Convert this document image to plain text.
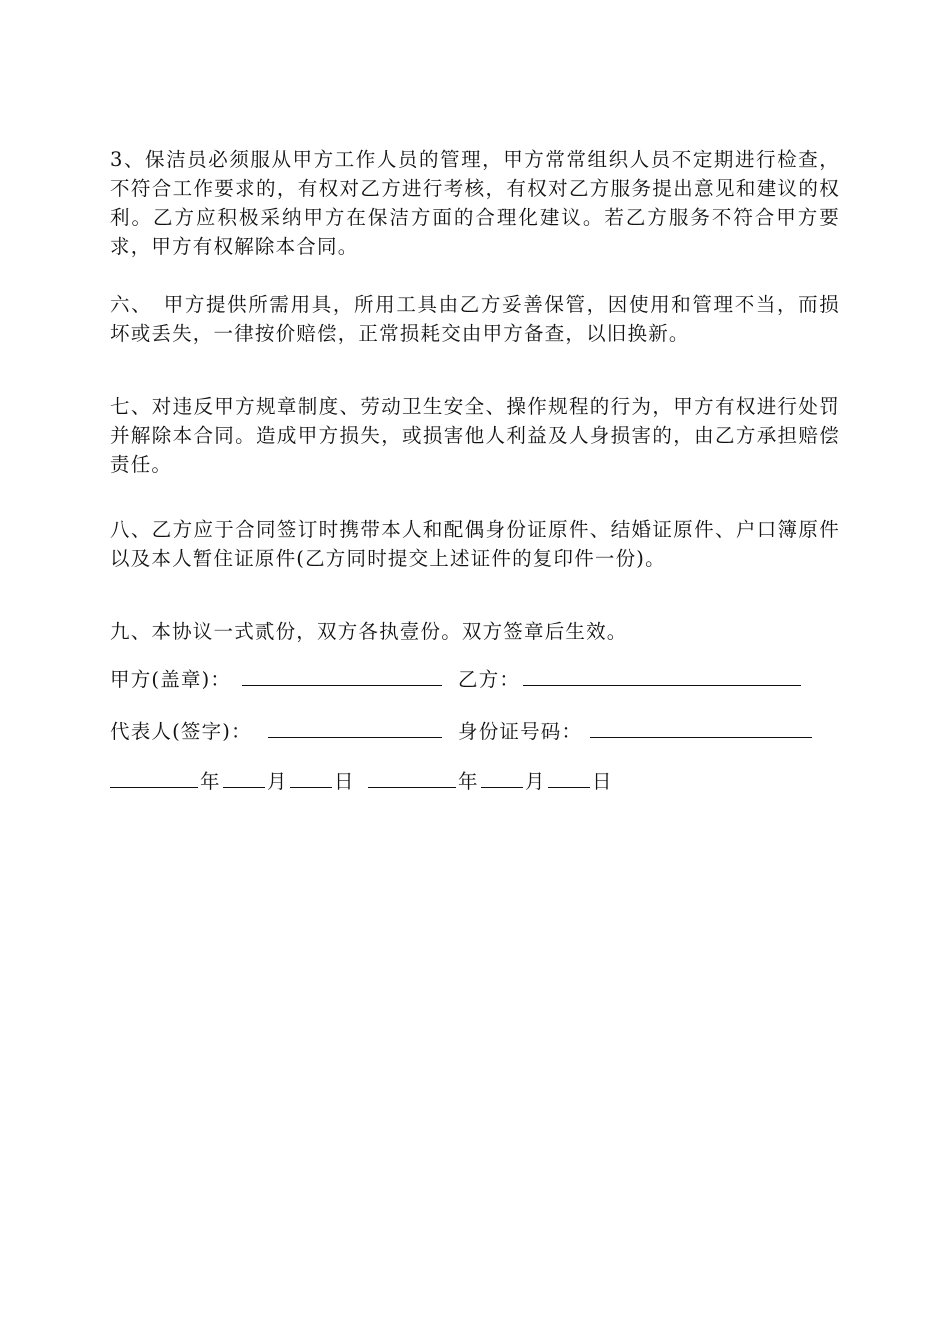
3、保洁员必须服从甲方工作人员的管理，甲方常常组织人员不定期进行检查，不符合工作要求的，有权对乙方进行考核，有权对乙方服务提出意见和建议的权利。乙方应积极采纳甲方在保洁方面的合理化建议。若乙方服务不符合甲方要求，甲方有权解除本合同。

六、　甲方提供所需用具，所用工具由乙方妥善保管，因使用和管理不当，而损坏或丢失，一律按价赔偿，正常损耗交由甲方备查，以旧换新。

七、对违反甲方规章制度、劳动卫生安全、操作规程的行为，甲方有权进行处罚并解除本合同。造成甲方损失，或损害他人利益及人身损害的，由乙方承担赔偿责任。

八、乙方应于合同签订时携带本人和配偶身份证原件、结婚证原件、户口簿原件以及本人暂住证原件(乙方同时提交上述证件的复印件一份)。

九、本协议一式贰份，双方各执壹份。双方签章后生效。

甲方(盖章)：	乙方：
代表人(签字)：	身份证号码：
年 月 日	年 月 日
